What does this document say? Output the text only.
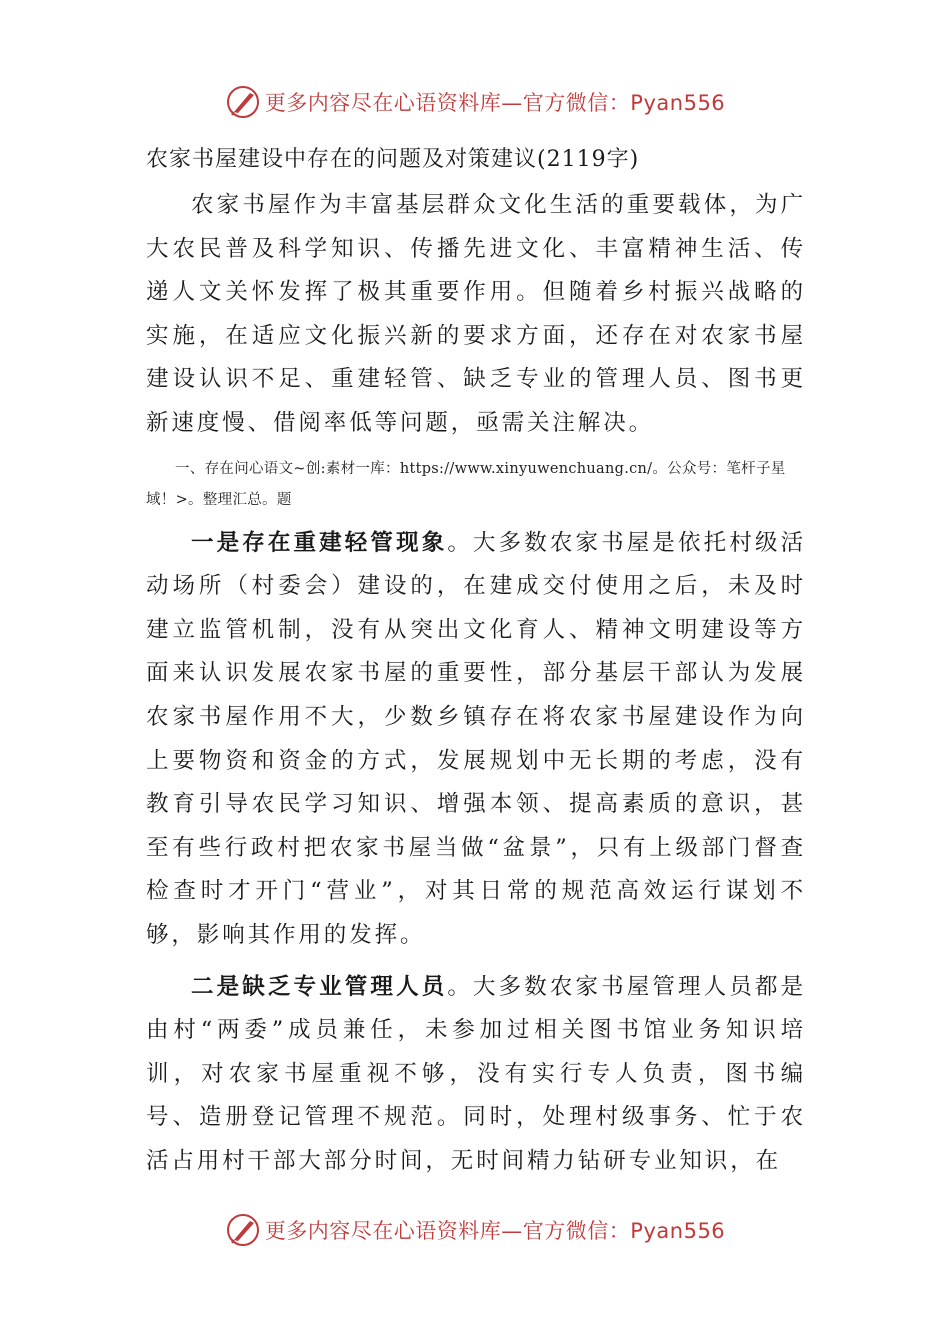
更多内容尽在心语资料库—官方微信：Pyan556

农家书屋建设中存在的问题及对策建议(2119字)

农家书屋作为丰富基层群众文化生活的重要载体，为广大农民普及科学知识、传播先进文化、丰富精神生活、传递人文关怀发挥了极其重要作用。但随着乡村振兴战略的实施，在适应文化振兴新的要求方面，还存在对农家书屋建设认识不足、重建轻管、缺乏专业的管理人员、图书更新速度慢、借阅率低等问题，亟需关注解决。

一、存在问心语文~创:素材一库：https://www.xinyuwenchuang.cn/。公众号：笔杆子星域！>。整理汇总。题

一是存在重建轻管现象。大多数农家书屋是依托村级活动场所（村委会）建设的，在建成交付使用之后，未及时建立监管机制，没有从突出文化育人、精神文明建设等方面来认识发展农家书屋的重要性，部分基层干部认为发展农家书屋作用不大，少数乡镇存在将农家书屋建设作为向上要物资和资金的方式，发展规划中无长期的考虑，没有教育引导农民学习知识、增强本领、提高素质的意识，甚至有些行政村把农家书屋当做“盆景”，只有上级部门督查检查时才开门“营业”，对其日常的规范高效运行谋划不够，影响其作用的发挥。

二是缺乏专业管理人员。大多数农家书屋管理人员都是由村“两委”成员兼任，未参加过相关图书馆业务知识培训，对农家书屋重视不够，没有实行专人负责，图书编号、造册登记管理不规范。同时，处理村级事务、忙于农活占用村干部大部分时间，无时间精力钻研专业知识，在

更多内容尽在心语资料库—官方微信：Pyan556
